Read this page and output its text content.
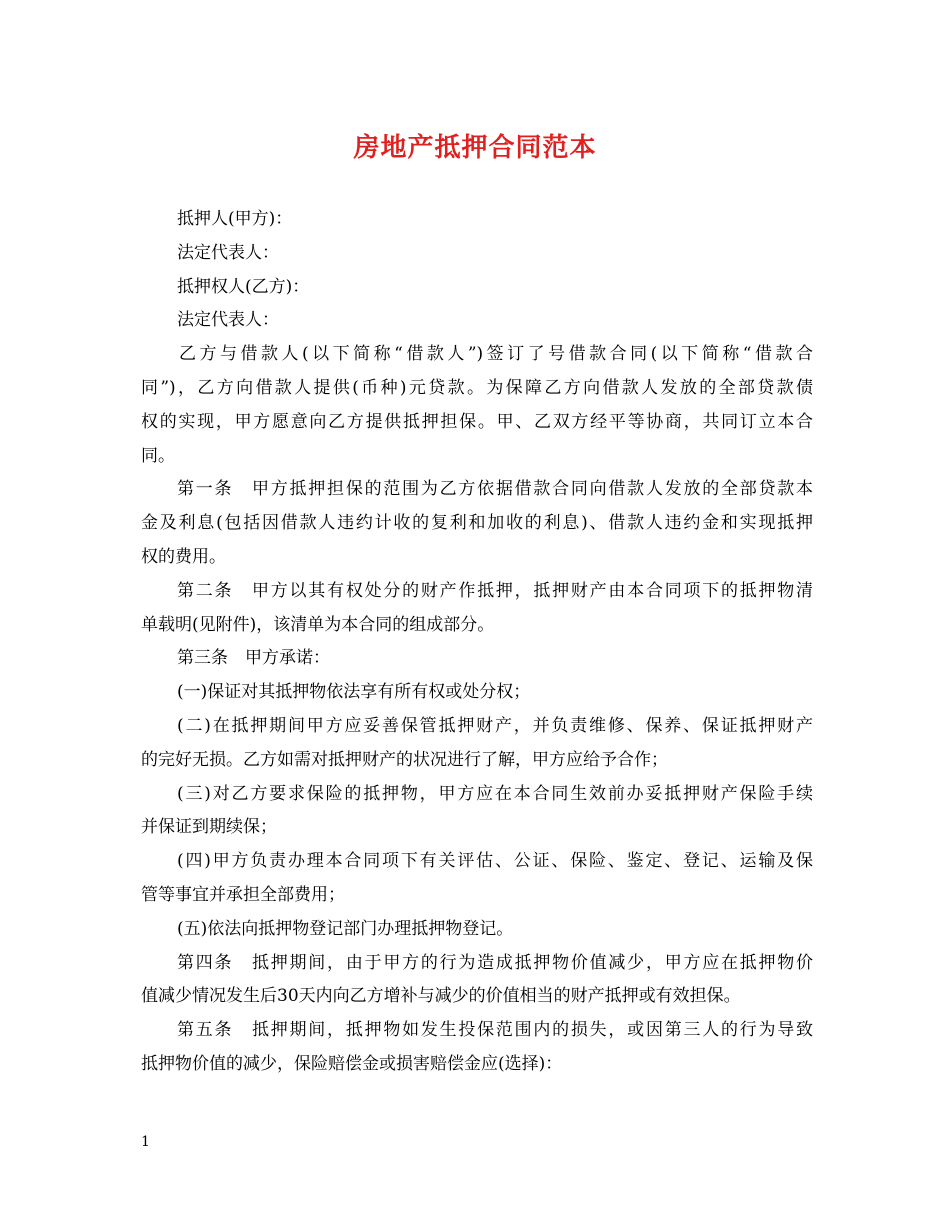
房地产抵押合同范本

抵押人(甲方)：

法定代表人：

抵押权人(乙方)：

法定代表人：

乙方与借款人(以下简称“借款人”)签订了号借款合同(以下简称“借款合

同”)，乙方向借款人提供(币种)元贷款。为保障乙方向借款人发放的全部贷款债

权的实现，甲方愿意向乙方提供抵押担保。甲、乙双方经平等协商，共同订立本合

同。

第一条　甲方抵押担保的范围为乙方依据借款合同向借款人发放的全部贷款本

金及利息(包括因借款人违约计收的复利和加收的利息)、借款人违约金和实现抵押

权的费用。

第二条　甲方以其有权处分的财产作抵押，抵押财产由本合同项下的抵押物清

单载明(见附件)，该清单为本合同的组成部分。

第三条　甲方承诺：

(一)保证对其抵押物依法享有所有权或处分权；

(二)在抵押期间甲方应妥善保管抵押财产，并负责维修、保养、保证抵押财产

的完好无损。乙方如需对抵押财产的状况进行了解，甲方应给予合作；

(三)对乙方要求保险的抵押物，甲方应在本合同生效前办妥抵押财产保险手续

并保证到期续保；

(四)甲方负责办理本合同项下有关评估、公证、保险、鉴定、登记、运输及保

管等事宜并承担全部费用；

(五)依法向抵押物登记部门办理抵押物登记。

第四条　抵押期间，由于甲方的行为造成抵押物价值减少，甲方应在抵押物价

值减少情况发生后30天内向乙方增补与减少的价值相当的财产抵押或有效担保。

第五条　抵押期间，抵押物如发生投保范围内的损失，或因第三人的行为导致

抵押物价值的减少，保险赔偿金或损害赔偿金应(选择)：

1
